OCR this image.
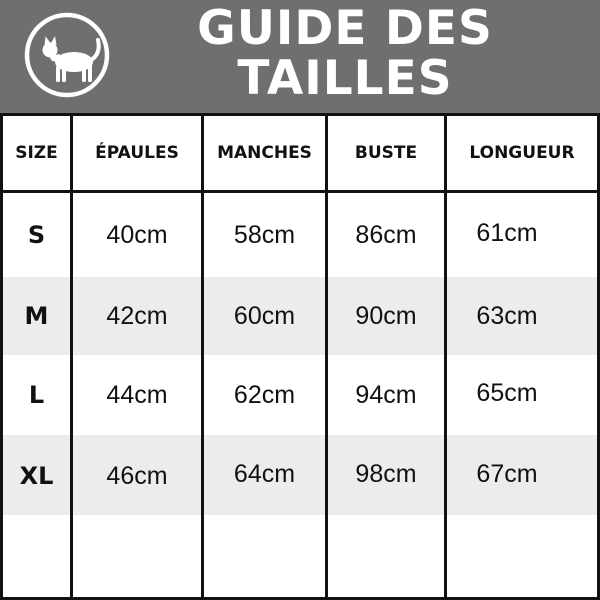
GUIDE DES
TAILLES
SIZE	ÉPAULES	MANCHES	BUSTE	LONGUEUR
S	40cm	58cm	86cm	61cm
M	42cm	60cm	90cm	63cm
L	44cm	62cm	94cm	65cm
XL	46cm	64cm	98cm	67cm
